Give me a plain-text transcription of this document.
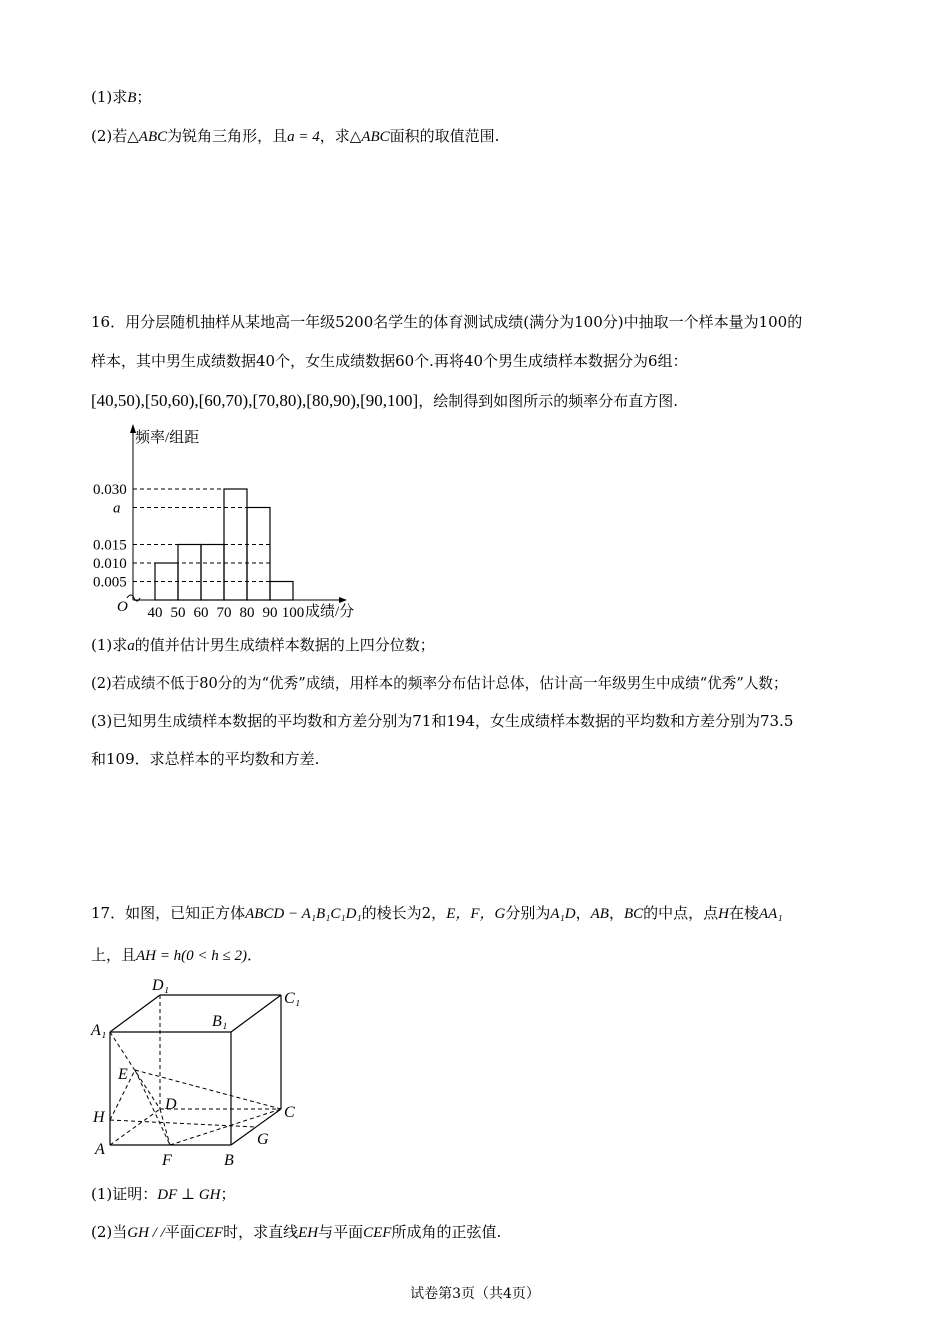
(1)求B；
(2)若△ABC为锐角三角形，且a = 4，求△ABC面积的取值范围.
16．用分层随机抽样从某地高一年级5200名学生的体育测试成绩(满分为100分)中抽取一个样本量为100的
样本，其中男生成绩数据40个，女生成绩数据60个.再将40个男生成绩样本数据分为6组：
[40,50),[50,60),[60,70),[70,80),[80,90),[90,100]，绘制得到如图所示的频率分布直方图.
频率/组距
成绩/分
O
0.005
0.010
0.015
a
0.030
40 50 60 70 80 90 100
(1)求a的值并估计男生成绩样本数据的上四分位数；
(2)若成绩不低于80分的为“优秀”成绩，用样本的频率分布估计总体，估计高一年级男生中成绩“优秀”人数；
(3)已知男生成绩样本数据的平均数和方差分别为71和194，女生成绩样本数据的平均数和方差分别为73.5
和109．求总样本的平均数和方差.
17．如图，已知正方体ABCD − A₁B₁C₁D₁的棱长为2，E，F，G分别为A₁D，AB，BC的中点，点H在棱AA₁
上，且AH = h(0 < h ≤ 2)．
D₁
C₁
A₁
B₁
E
D	C
H
A
F	B
G
(1)证明：DF ⊥ GH；
(2)当GH / /平面CEF时，求直线EH与平面CEF所成角的正弦值.
试卷第3页（共4页）
